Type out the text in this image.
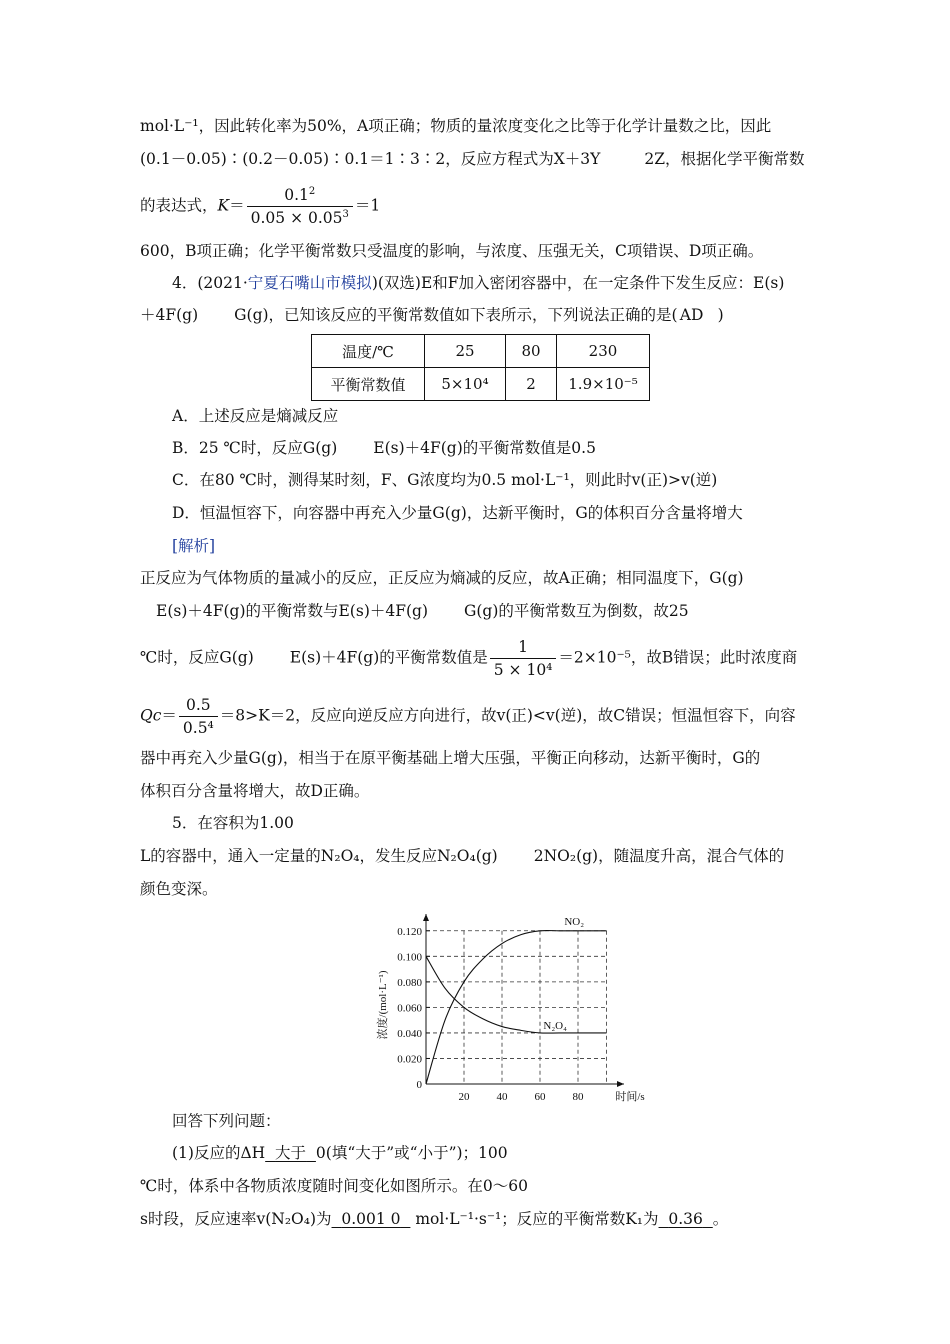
mol·L⁻¹，因此转化率为50%，A项正确；物质的量浓度变化之比等于化学计量数之比，因此
(0.1－0.05)∶(0.2－0.05)∶0.1＝1∶3∶2，反应方程式为X＋3Y	2Z，根据化学平衡常数
的表达式，$K= \frac{0.1^2}{0.05 \times 0.05^3} =1$
600，B项正确；化学平衡常数只受温度的影响，与浓度、压强无关，C项错误、D项正确。
4．(2021·宁夏石嘴山市模拟)(双选)E和F加入密闭容器中，在一定条件下发生反应：E(s)
＋4F(g) G(g)，已知该反应的平衡常数值如下表所示，下列说法正确的是( AD )
温度/℃	25	80	230
平衡常数值	5×10⁴	2	1.9×10⁻⁵
A．上述反应是熵减反应
B．25 ℃时，反应G(g) E(s)＋4F(g)的平衡常数值是0.5
C．在80 ℃时，测得某时刻，F、G浓度均为0.5 mol·L⁻¹，则此时v(正)>v(逆)
D．恒温恒容下，向容器中再充入少量G(g)，达新平衡时，G的体积百分含量将增大
[解析]
正反应为气体物质的量减小的反应，正反应为熵减的反应，故A正确；相同温度下，G(g)
E(s)＋4F(g)的平衡常数与E(s)＋4F(g) G(g)的平衡常数互为倒数，故25
℃时，反应G(g) E(s)＋4F(g)的平衡常数值是 $\frac{1}{\text{5 × 10⁴}} =2\times 10^{-5}$，故B错误；此时浓度商
$Qc= \frac{0.5}{\text{0.5⁴}} =8>K=2$，反应向逆反应方向进行，故v(正)<v(逆)，故C错误；恒温恒容下，向容
器中再充入少量G(g)，相当于在原平衡基础上增大压强，平衡正向移动，达新平衡时，G的
体积百分含量将增大，故D正确。
5．在容积为1.00
L的容器中，通入一定量的N₂O₄，发生反应N₂O₄(g) 2NO₂(g)，随温度升高，混合气体的
颜色变深。
0
0.020
0.040
0.060
0.080
0.100
0.120
20 40 60 80	时间/s
浓度/(mol·L⁻¹)
NO₂
N₂O₄
回答下列问题：
(1)反应的ΔH 大于 0(填“大于”或“小于”)；100
℃时，体系中各物质浓度随时间变化如图所示。在0～60
s时段，反应速率v(N₂O₄)为 0.001 0 mol·L⁻¹·s⁻¹；反应的平衡常数K₁为 0.36 。
